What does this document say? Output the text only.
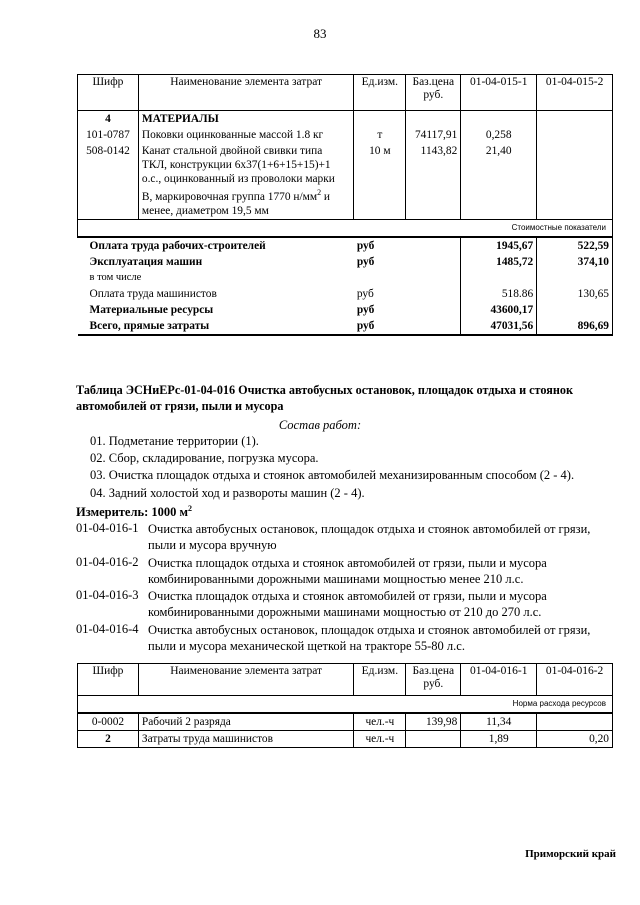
83
Шифр	Наименование элемента затрат	Ед.изм.	Баз.цена руб.	01-04-015-1	01-04-015-2
4	МАТЕРИАЛЫ				
101-0787	Поковки оцинкованные массой 1.8 кг	т	74117,91	0,258	
508-0142	Канат стальной двойной свивки типа
ТКЛ, конструкции 6х37(1+6+15+15)+1
о.с., оцинкованный из проволоки марки
В, маркировочная группа 1770 $н/мм^2$ и
менее, диаметром 19,5 мм	10 м	1143,82	21,40	
				Стоимостные показатели	
Оплата труда рабочих-строителей		руб		1945,67	522,59
Эксплуатация машин		руб		1485,72	374,10
в том числе					
Оплата труда машинистов		руб		518.86	130,65
Материальные ресурсы		руб		43600,17	
Всего, прямые затраты		руб		47031,56	896,69
Таблица ЭСНиЕРс-01-04-016 Очистка автобусных остановок, площадок отдыха и стоянок автомобилей от грязи, пыли и мусора
Состав работ:
01. Подметание территории (1).
02. Сбор, складирование, погрузка мусора.
03. Очистка площадок отдыха и стоянок автомобилей механизированным способом (2 - 4).
04. Задний холостой ход и развороты машин (2 - 4).
Измеритель: 1000 $м^2$
01-04-016-1 Очистка автобусных остановок, площадок отдыха и стоянок автомобилей от грязи,
пыли и мусора вручную
01-04-016-2 Очистка площадок отдыха и стоянок автомобилей от грязи, пыли и мусора
комбинированными дорожными машинами мощностью менее 210 л.с.
01-04-016-3 Очистка площадок отдыха и стоянок автомобилей от грязи, пыли и мусора
комбинированными дорожными машинами мощностью от 210 до 270 л.с.
01-04-016-4 Очистка автобусных остановок, площадок отдыха и стоянок автомобилей от грязи,
пыли и мусора механической щеткой на тракторе 55-80 л.с.
Шифр	Наименование элемента затрат	Ед.изм.	Баз.цена руб.	01-04-016-1	01-04-016-2
				Норма расхода ресурсов	
0-0002	Рабочий 2 разряда	чел.-ч	139,98	11,34	
2	Затраты труда машинистов	чел.-ч		1,89	0,20
Приморский край
